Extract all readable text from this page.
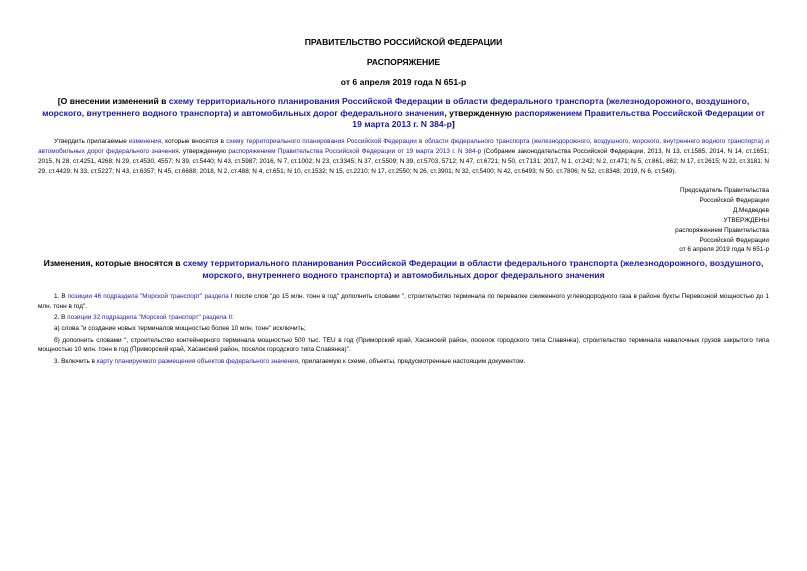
ПРАВИТЕЛЬСТВО РОССИЙСКОЙ ФЕДЕРАЦИИ

РАСПОРЯЖЕНИЕ

от 6 апреля 2019 года N 651-р

[О внесении изменений в схему территориального планирования Российской Федерации в области федерального транспорта (железнодорожного, воздушного, морского, внутреннего водного транспорта) и автомобильных дорог федерального значения, утвержденную распоряжением Правительства Российской Федерации от 19 марта 2013 г. N 384-р]

Утвердить прилагаемые изменения, которые вносятся в схему территориального планирования Российской Федерации в области федерального транспорта (железнодорожного, воздушного, морского, внутреннего водного транспорта) и автомобильных дорог федерального значения, утвержденную распоряжением Правительства Российской Федерации от 19 марта 2013 г. N 384-р (Собрание законодательства Российской Федерации, 2013, N 13, ст.1585; 2014, N 14, ст.1651; 2015, N 28, ст.4251, 4268; N 29, ст.4530, 4557; N 39, ст.5440; N 43, ст.5987; 2016, N 7, ст.1002; N 23, ст.3345; N 37, ст.5509; N 39, ст.5703, 5712; N 47, ст.6721; N 50, ст.7131; 2017, N 1, ст.242; N 2, ст.471; N 5, ст.861, 862; N 17, ст.2615; N 22, ст.3181; N 29, ст.4429; N 33, ст.5227; N 43, ст.6357; N 45, ст.6688; 2018, N 2, ст.488; N 4, ст.651; N 10, ст.1532; N 15, ст.2210; N 17, ст.2550; N 26, ст.3901; N 32, ст.5400; N 42, ст.6493; N 50, ст.7806; N 52, ст.8348; 2019, N 6, ст.549).

Председатель Правительства
Российской Федерации
Д.Медведев
УТВЕРЖДЕНЫ
распоряжением Правительства
Российской Федерации
от 6 апреля 2019 года N 651-р
Изменения, которые вносятся в схему территориального планирования Российской Федерации в области федерального транспорта (железнодорожного, воздушного, морского, внутреннего водного транспорта) и автомобильных дорог федерального значения

1. В позиции 46 подраздела "Морской транспорт" раздела I после слов "до 15 млн. тонн в год" дополнить словами ", строительство терминала по перевалке сжиженного углеводородного газа в районе бухты Перевозной мощностью до 1 млн. тонн в год".

2. В позиции 32 подраздела "Морской транспорт" раздела II:

а) слова "и создание новых терминалов мощностью более 10 млн. тонн" исключить;

б) дополнить словами ", строительство контейнерного терминала мощностью 500 тыс. TEU в год (Приморский край, Хасанский район, поселок городского типа Славянка), строительство терминала навалочных грузов закрытого типа мощностью 10 млн. тонн в год (Приморский край, Хасанский район, поселок городского типа Славянка)".

3. Включить в карту планируемого размещения объектов федерального значения, прилагаемую к схеме, объекты, предусмотренные настоящим документом.
